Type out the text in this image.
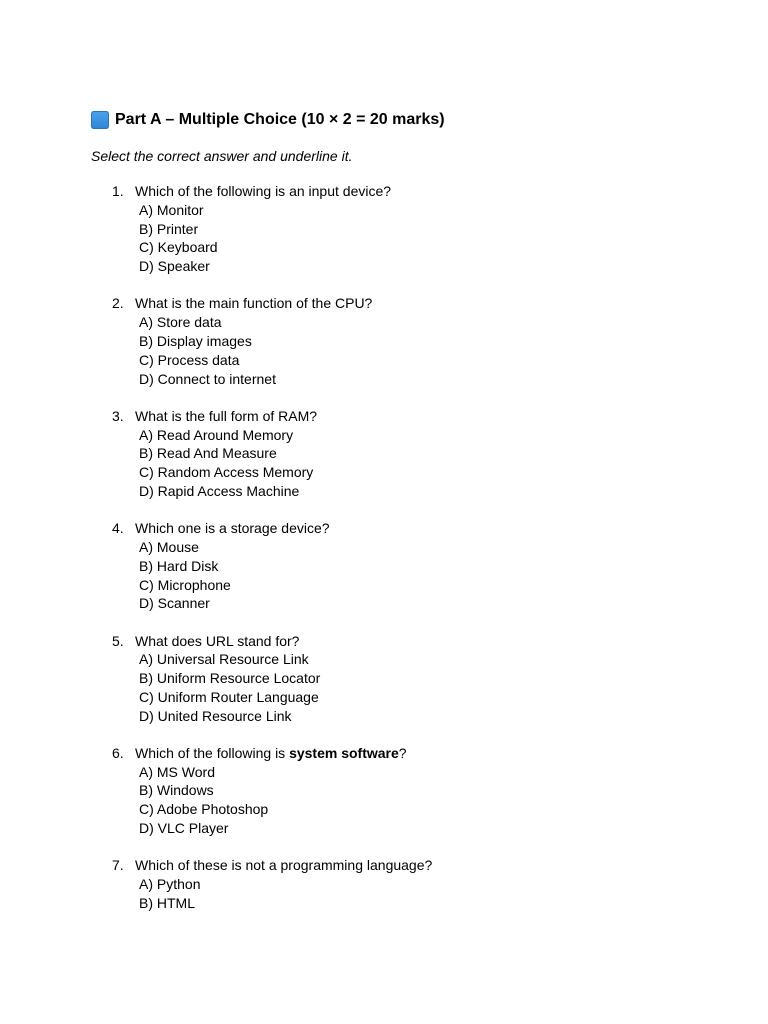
Part A – Multiple Choice (10 × 2 = 20 marks)
Select the correct answer and underline it.
1. Which of the following is an input device?
A) Monitor
B) Printer
C) Keyboard
D) Speaker
2. What is the main function of the CPU?
A) Store data
B) Display images
C) Process data
D) Connect to internet
3. What is the full form of RAM?
A) Read Around Memory
B) Read And Measure
C) Random Access Memory
D) Rapid Access Machine
4. Which one is a storage device?
A) Mouse
B) Hard Disk
C) Microphone
D) Scanner
5. What does URL stand for?
A) Universal Resource Link
B) Uniform Resource Locator
C) Uniform Router Language
D) United Resource Link
6. Which of the following is system software?
A) MS Word
B) Windows
C) Adobe Photoshop
D) VLC Player
7. Which of these is not a programming language?
A) Python
B) HTML
